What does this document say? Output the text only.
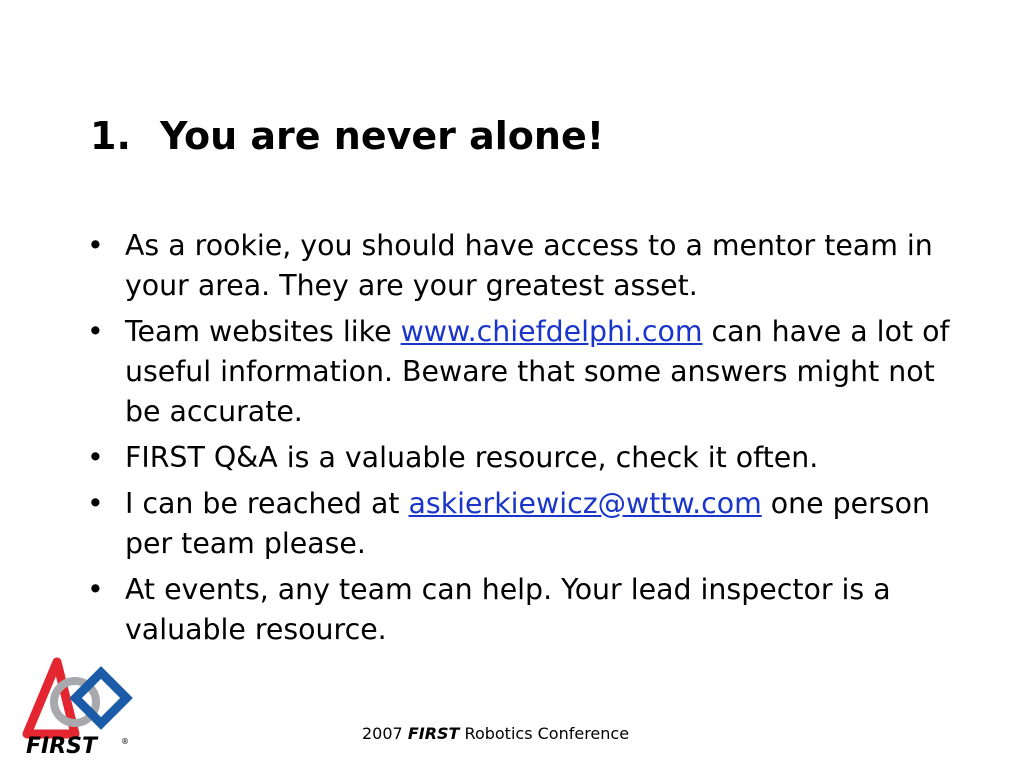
1. You are never alone!
• As a rookie, you should have access to a mentor team in your area. They are your greatest asset.
• Team websites like www.chiefdelphi.com can have a lot of useful information. Beware that some answers might not be accurate.
• FIRST Q&A is a valuable resource, check it often.
• I can be reached at askierkiewicz@wttw.com one person per team please.
• At events, any team can help. Your lead inspector is a valuable resource.
FIRST	®	2007 FIRST Robotics Conference
